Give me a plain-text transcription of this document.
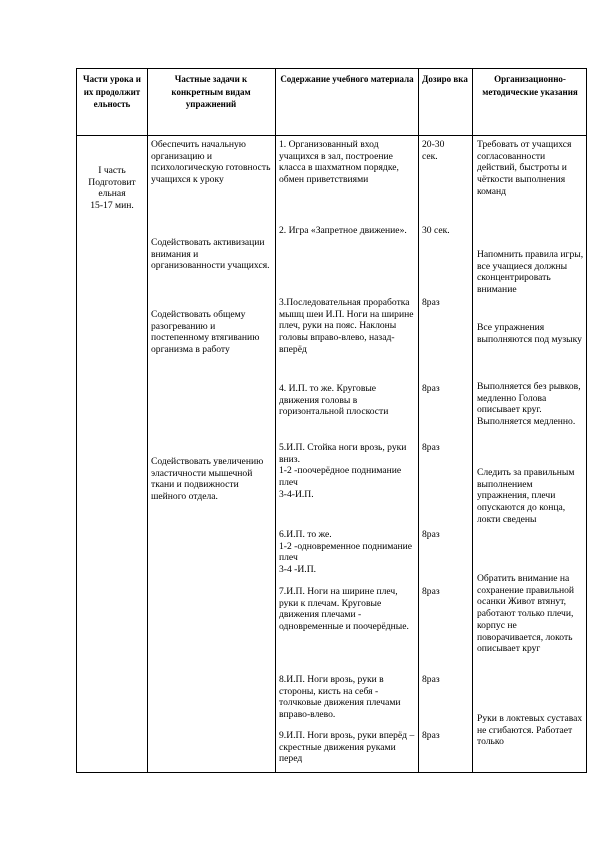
Части урока и их продолжит ельность
Частные задачи к конкретным видам упражнений
Содержание учебного материала Дозиро вка	Организационно-методические указания
I часть
Подготовит ельная
15-17 мин.
Обеспечить начальную организацию и психологическую готовность учащихся к уроку
Содействовать активизации внимания и организованности учащихся.
Содействовать общему разогреванию и постепенному втягиванию организма в работу
Содействовать увеличению эластичности мышечной ткани и подвижности шейного отдела.
1. Организованный вход учащихся в зал, построение класса в шахматном порядке, обмен приветствиями
2. Игра «Запретное движение».
3.Последовательная проработка мышц шеи И.П. Ноги на ширине плеч, руки на пояс. Наклоны головы вправо-влево, назад-вперёд
4. И.П. то же. Круговые движения головы в горизонтальной плоскости
5.И.П. Стойка ноги врозь, руки вниз.
1-2 -поочерёдное поднимание плеч
3-4-И.П.
6.И.П. то же.
1-2 -одновременное поднимание плеч
3-4 -И.П.
7.И.П. Ноги на ширине плеч, руки к плечам. Круговые движения плечами - одновременные и поочерёдные.
8.И.П. Ноги врозь, руки в стороны, кисть на себя - толчковые движения плечами вправо-влево.
9.И.П. Ноги врозь, руки вперёд – скрестные движения руками перед
20-30
сек.
30 сек.
8раз
8раз
8раз
8раз
8раз
8раз
8раз
Требовать от учащихся согласованности действий, быстроты и чёткости выполнения команд
Напомнить правила игры, все учащиеся должны сконцентрировать внимание
Все упражнения выполняются под музыку
Выполняется без рывков, медленно Голова описывает круг. Выполняется медленно.
Следить за правильным выполнением упражнения, плечи опускаются до конца, локти сведены
Обратить внимание на сохранение правильной осанки Живот втянут, работают только плечи, корпус не поворачивается, локоть описывает круг
Руки в локтевых суставах не сгибаются. Работает только
